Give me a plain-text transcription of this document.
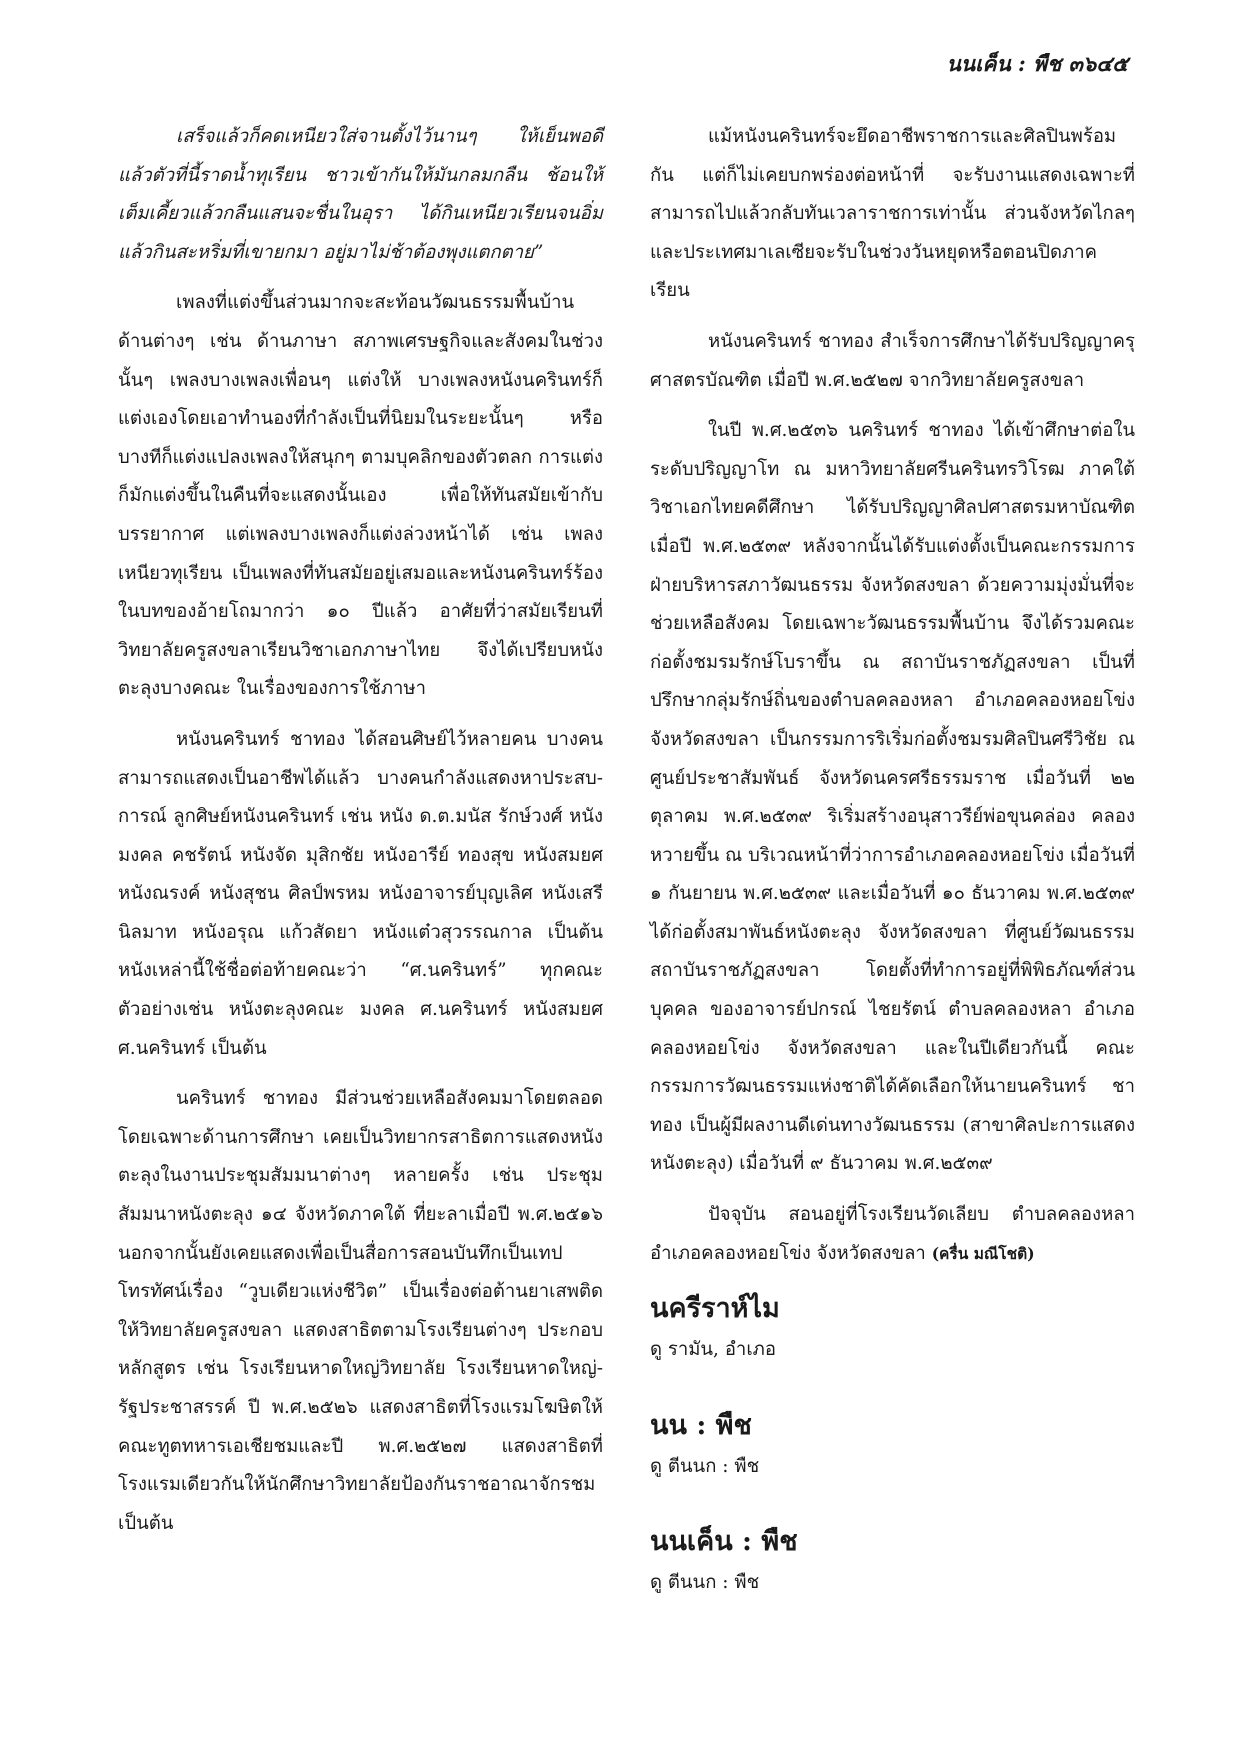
นนเค็น : พืช ๓๖๔๕

เสร็จแล้วก็คดเหนียวใส่จานตั้งไว้นานๆ ให้เย็นพอดี แล้วตัวที่นี้ราดน้ำทุเรียน ชาวเข้ากันให้มันกลมกลืน ช้อนให้เต็มเคี้ยวแล้วกลืนแสนจะชื่นในอุรา ได้กินเหนียวเรียนจนอิ่ม แล้วกินสะหริ่มที่เขายกมา อยู่มาไม่ช้าต้องพุงแตกตาย”

เพลงที่แต่งขึ้นส่วนมากจะสะท้อนวัฒนธรรมพื้นบ้านด้านต่างๆ เช่น ด้านภาษา สภาพเศรษฐกิจและสังคมในช่วงนั้นๆ เพลงบางเพลงเพื่อนๆ แต่งให้ บางเพลงหนังนครินทร์ก็แต่งเองโดยเอาทำนองที่กำลังเป็นที่นิยมในระยะนั้นๆ หรือบางทีก็แต่งแปลงเพลงให้สนุกๆ ตามบุคลิกของตัวตลก การแต่งก็มักแต่งขึ้นในคืนที่จะแสดงนั้นเอง เพื่อให้ทันสมัยเข้ากับบรรยากาศ แต่เพลงบางเพลงก็แต่งล่วงหน้าได้ เช่น เพลงเหนียวทุเรียน เป็นเพลงที่ทันสมัยอยู่เสมอและหนังนครินทร์ร้องในบทของอ้ายโถมากว่า ๑๐ ปีแล้ว อาศัยที่ว่าสมัยเรียนที่วิทยาลัยครูสงขลาเรียนวิชาเอกภาษาไทย จึงได้เปรียบหนังตะลุงบางคณะ ในเรื่องของการใช้ภาษา

หนังนครินทร์ ชาทอง ได้สอนศิษย์ไว้หลายคน บางคนสามารถแสดงเป็นอาชีพได้แล้ว บางคนกำลังแสดงหาประสบ-การณ์ ลูกศิษย์หนังนครินทร์ เช่น หนัง ด.ต.มนัส รักษ์วงศ์ หนังมงคล คชรัตน์ หนังจัด มุสิกชัย หนังอารีย์ ทองสุข หนังสมยศ หนังณรงค์ หนังสุชน ศิลป์พรหม หนังอาจารย์บุญเลิศ หนังเสรี นิลมาท หนังอรุณ แก้วสัดยา หนังแต๋วสุวรรณกาล เป็นต้น หนังเหล่านี้ใช้ชื่อต่อท้ายคณะว่า “ศ.นครินทร์” ทุกคณะ ตัวอย่างเช่น หนังตะลุงคณะ มงคล ศ.นครินทร์ หนังสมยศ ศ.นครินทร์ เป็นต้น

นครินทร์ ชาทอง มีส่วนช่วยเหลือสังคมมาโดยตลอด โดยเฉพาะด้านการศึกษา เคยเป็นวิทยากรสาธิตการแสดงหนังตะลุงในงานประชุมสัมมนาต่างๆ หลายครั้ง เช่น ประชุมสัมมนาหนังตะลุง ๑๔ จังหวัดภาคใต้ ที่ยะลาเมื่อปี พ.ศ.๒๕๑๖ นอกจากนั้นยังเคยแสดงเพื่อเป็นสื่อการสอนบันทึกเป็นเทปโทรทัศน์เรื่อง “วูบเดียวแห่งชีวิต” เป็นเรื่องต่อต้านยาเสพติดให้วิทยาลัยครูสงขลา แสดงสาธิตตามโรงเรียนต่างๆ ประกอบหลักสูตร เช่น โรงเรียนหาดใหญ่วิทยาลัย โรงเรียนหาดใหญ่-รัฐประชาสรรค์ ปี พ.ศ.๒๕๒๖ แสดงสาธิตที่โรงแรมโฆษิตให้คณะทูตทหารเอเชียชมและปี พ.ศ.๒๕๒๗ แสดงสาธิตที่โรงแรมเดียวกันให้นักศึกษาวิทยาลัยป้องกันราชอาณาจักรชมเป็นต้น

แม้หนังนครินทร์จะยึดอาชีพราชการและศิลปินพร้อมกัน แต่ก็ไม่เคยบกพร่องต่อหน้าที่ จะรับงานแสดงเฉพาะที่สามารถไปแล้วกลับทันเวลาราชการเท่านั้น ส่วนจังหวัดไกลๆ และประเทศมาเลเซียจะรับในช่วงวันหยุดหรือตอนปิดภาคเรียน

หนังนครินทร์ ชาทอง สำเร็จการศึกษาได้รับปริญญาครุศาสตรบัณฑิต เมื่อปี พ.ศ.๒๕๒๗ จากวิทยาลัยครูสงขลา

ในปี พ.ศ.๒๕๓๖ นครินทร์ ชาทอง ได้เข้าศึกษาต่อในระดับปริญญาโท ณ มหาวิทยาลัยศรีนครินทรวิโรฒ ภาคใต้ วิชาเอกไทยคดีศึกษา ได้รับปริญญาศิลปศาสตรมหาบัณฑิต เมื่อปี พ.ศ.๒๕๓๙ หลังจากนั้นได้รับแต่งตั้งเป็นคณะกรรมการฝ่ายบริหารสภาวัฒนธรรม จังหวัดสงขลา ด้วยความมุ่งมั่นที่จะช่วยเหลือสังคม โดยเฉพาะวัฒนธรรมพื้นบ้าน จึงได้รวมคณะก่อตั้งชมรมรักษ์โบราขึ้น ณ สถาบันราชภัฏสงขลา เป็นที่ปรึกษากลุ่มรักษ์ถิ่นของตำบลคลองหลา อำเภอคลองหอยโข่ง จังหวัดสงขลา เป็นกรรมการริเริ่มก่อตั้งชมรมศิลปินศรีวิชัย ณ ศูนย์ประชาสัมพันธ์ จังหวัดนครศรีธรรมราช เมื่อวันที่ ๒๒ ตุลาคม พ.ศ.๒๕๓๙ ริเริ่มสร้างอนุสาวรีย์พ่อขุนคล่อง คลองหวายขึ้น ณ บริเวณหน้าที่ว่าการอำเภอคลองหอยโข่ง เมื่อวันที่ ๑ กันยายน พ.ศ.๒๕๓๙ และเมื่อวันที่ ๑๐ ธันวาคม พ.ศ.๒๕๓๙ ได้ก่อตั้งสมาพันธ์หนังตะลุง จังหวัดสงขลา ที่ศูนย์วัฒนธรรมสถาบันราชภัฏสงขลา โดยตั้งที่ทำการอยู่ที่พิพิธภัณฑ์ส่วนบุคคล ของอาจารย์ปกรณ์ ไชยรัตน์ ตำบลคลองหลา อำเภอคลองหอยโข่ง จังหวัดสงขลา และในปีเดียวกันนี้ คณะกรรมการวัฒนธรรมแห่งชาติได้คัดเลือกให้นายนครินทร์ ชาทอง เป็นผู้มีผลงานดีเด่นทางวัฒนธรรม (สาขาศิลปะการแสดงหนังตะลุง) เมื่อวันที่ ๙ ธันวาคม พ.ศ.๒๕๓๙

ปัจจุบัน สอนอยู่ที่โรงเรียนวัดเลียบ ตำบลคลองหลา อำเภอคลองหอยโข่ง จังหวัดสงขลา (ครื่น มณีโชติ)

นครีราห์ไม

ดู รามัน, อำเภอ

นน : พืช

ดู ตีนนก : พืช

นนเค็น : พืช

ดู ตีนนก : พืช
